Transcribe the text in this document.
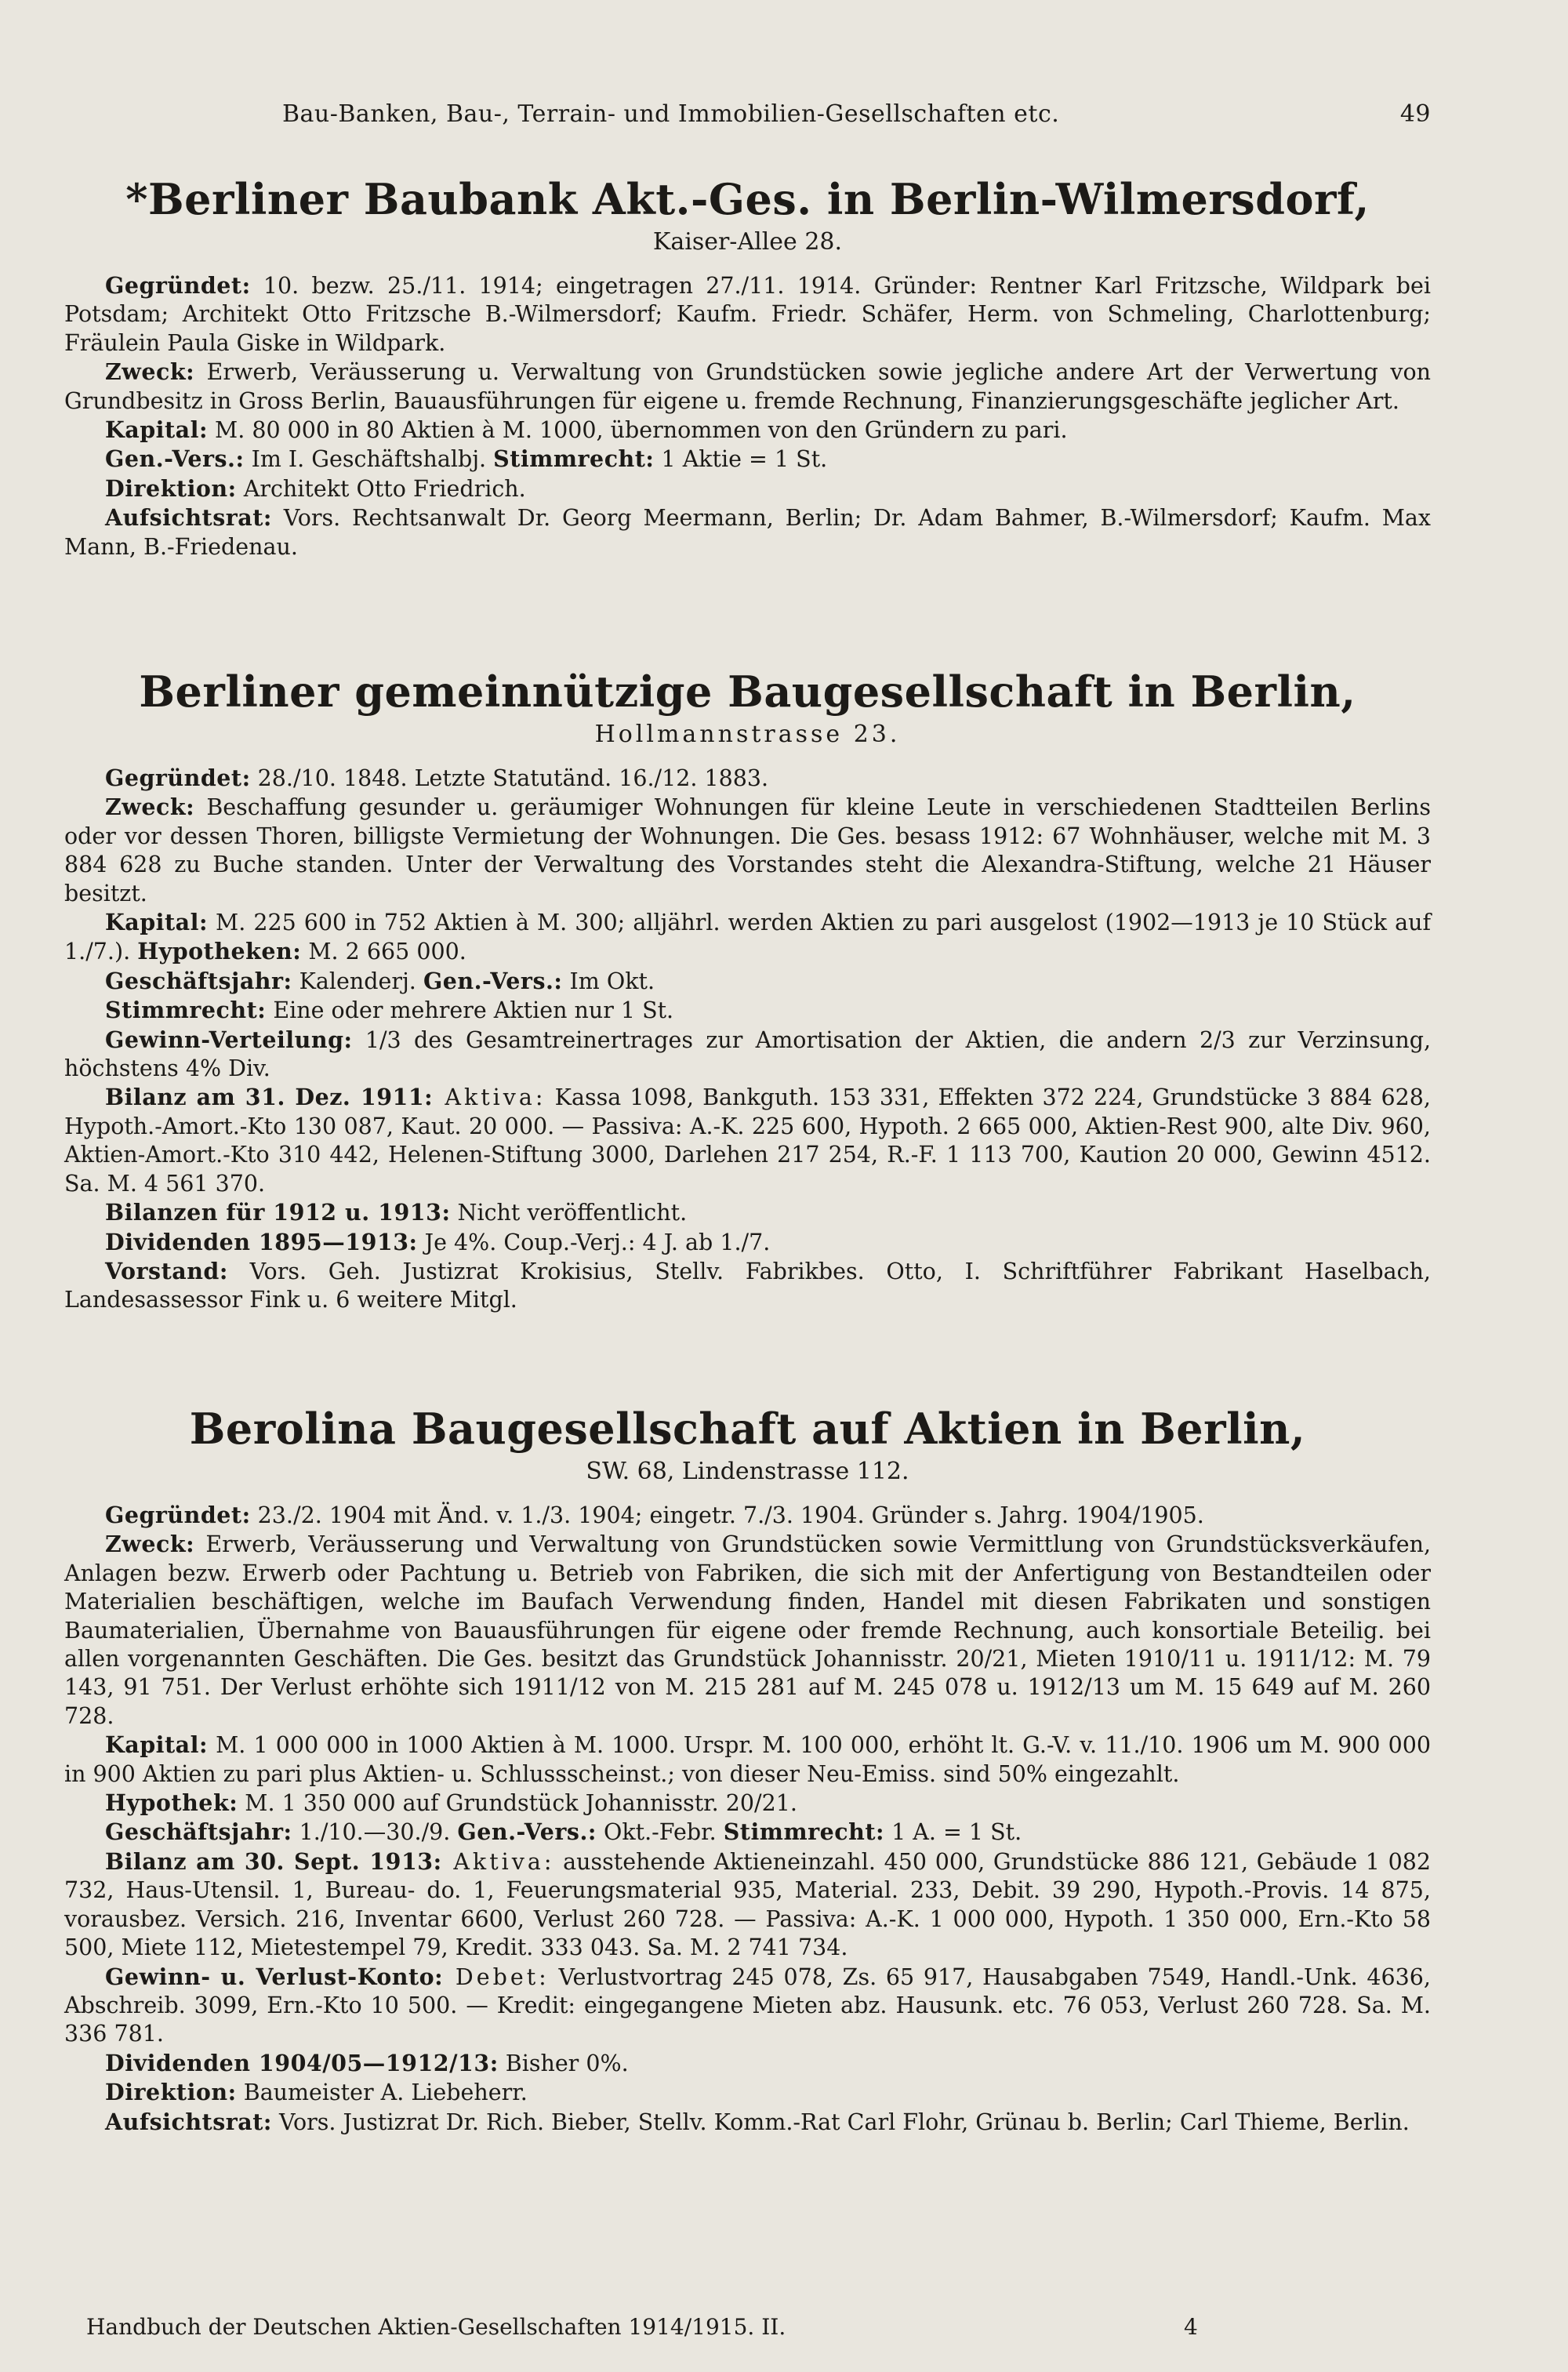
Bau-Banken, Bau-, Terrain- und Immobilien-Gesellschaften etc.	49
*Berliner Baubank Akt.-Ges. in Berlin-Wilmersdorf,
Kaiser-Allee 28.

Gegründet: 10. bezw. 25./11. 1914; eingetragen 27./11. 1914. Gründer: Rentner Karl Fritzsche, Wildpark bei Potsdam; Architekt Otto Fritzsche B.-Wilmersdorf; Kaufm. Friedr. Schäfer, Herm. von Schmeling, Charlottenburg; Fräulein Paula Giske in Wildpark.

Zweck: Erwerb, Veräusserung u. Verwaltung von Grundstücken sowie jegliche andere Art der Verwertung von Grundbesitz in Gross Berlin, Bauausführungen für eigene u. fremde Rechnung, Finanzierungsgeschäfte jeglicher Art.

Kapital: M. 80 000 in 80 Aktien à M. 1000, übernommen von den Gründern zu pari.

Gen.-Vers.: Im I. Geschäftshalbj. Stimmrecht: 1 Aktie = 1 St.

Direktion: Architekt Otto Friedrich.

Aufsichtsrat: Vors. Rechtsanwalt Dr. Georg Meermann, Berlin; Dr. Adam Bahmer, B.-Wilmersdorf; Kaufm. Max Mann, B.-Friedenau.

Berliner gemeinnützige Baugesellschaft in Berlin,
Hollmannstrasse 23.

Gegründet: 28./10. 1848. Letzte Statutänd. 16./12. 1883.

Zweck: Beschaffung gesunder u. geräumiger Wohnungen für kleine Leute in verschiedenen Stadtteilen Berlins oder vor dessen Thoren, billigste Vermietung der Wohnungen. Die Ges. besass 1912: 67 Wohnhäuser, welche mit M. 3 884 628 zu Buche standen. Unter der Verwaltung des Vorstandes steht die Alexandra-Stiftung, welche 21 Häuser besitzt.

Kapital: M. 225 600 in 752 Aktien à M. 300; alljährl. werden Aktien zu pari ausgelost (1902—1913 je 10 Stück auf 1./7.). Hypotheken: M. 2 665 000.

Geschäftsjahr: Kalenderj. Gen.-Vers.: Im Okt.

Stimmrecht: Eine oder mehrere Aktien nur 1 St.

Gewinn-Verteilung: 1/3 des Gesamtreinertrages zur Amortisation der Aktien, die andern 2/3 zur Verzinsung, höchstens 4% Div.

Bilanz am 31. Dez. 1911: Aktiva: Kassa 1098, Bankguth. 153 331, Effekten 372 224, Grundstücke 3 884 628, Hypoth.-Amort.-Kto 130 087, Kaut. 20 000. — Passiva: A.-K. 225 600, Hypoth. 2 665 000, Aktien-Rest 900, alte Div. 960, Aktien-Amort.-Kto 310 442, Helenen-Stiftung 3000, Darlehen 217 254, R.-F. 1 113 700, Kaution 20 000, Gewinn 4512. Sa. M. 4 561 370.

Bilanzen für 1912 u. 1913: Nicht veröffentlicht.

Dividenden 1895—1913: Je 4%. Coup.-Verj.: 4 J. ab 1./7.

Vorstand: Vors. Geh. Justizrat Krokisius, Stellv. Fabrikbes. Otto, I. Schriftführer Fabrikant Haselbach, Landesassessor Fink u. 6 weitere Mitgl.

Berolina Baugesellschaft auf Aktien in Berlin,
SW. 68, Lindenstrasse 112.

Gegründet: 23./2. 1904 mit Änd. v. 1./3. 1904; eingetr. 7./3. 1904. Gründer s. Jahrg. 1904/1905.

Zweck: Erwerb, Veräusserung und Verwaltung von Grundstücken sowie Vermittlung von Grundstücksverkäufen, Anlagen bezw. Erwerb oder Pachtung u. Betrieb von Fabriken, die sich mit der Anfertigung von Bestandteilen oder Materialien beschäftigen, welche im Baufach Verwendung finden, Handel mit diesen Fabrikaten und sonstigen Baumaterialien, Übernahme von Bauausführungen für eigene oder fremde Rechnung, auch konsortiale Beteilig. bei allen vorgenannten Geschäften. Die Ges. besitzt das Grundstück Johannisstr. 20/21, Mieten 1910/11 u. 1911/12: M. 79 143, 91 751. Der Verlust erhöhte sich 1911/12 von M. 215 281 auf M. 245 078 u. 1912/13 um M. 15 649 auf M. 260 728.

Kapital: M. 1 000 000 in 1000 Aktien à M. 1000. Urspr. M. 100 000, erhöht lt. G.-V. v. 11./10. 1906 um M. 900 000 in 900 Aktien zu pari plus Aktien- u. Schlussscheinst.; von dieser Neu-Emiss. sind 50% eingezahlt.

Hypothek: M. 1 350 000 auf Grundstück Johannisstr. 20/21.

Geschäftsjahr: 1./10.—30./9. Gen.-Vers.: Okt.-Febr. Stimmrecht: 1 A. = 1 St.

Bilanz am 30. Sept. 1913: Aktiva: ausstehende Aktieneinzahl. 450 000, Grundstücke 886 121, Gebäude 1 082 732, Haus-Utensil. 1, Bureau- do. 1, Feuerungsmaterial 935, Material. 233, Debit. 39 290, Hypoth.-Provis. 14 875, vorausbez. Versich. 216, Inventar 6600, Verlust 260 728. — Passiva: A.-K. 1 000 000, Hypoth. 1 350 000, Ern.-Kto 58 500, Miete 112, Mietestempel 79, Kredit. 333 043. Sa. M. 2 741 734.

Gewinn- u. Verlust-Konto: Debet: Verlustvortrag 245 078, Zs. 65 917, Hausabgaben 7549, Handl.-Unk. 4636, Abschreib. 3099, Ern.-Kto 10 500. — Kredit: eingegangene Mieten abz. Hausunk. etc. 76 053, Verlust 260 728. Sa. M. 336 781.

Dividenden 1904/05—1912/13: Bisher 0%.

Direktion: Baumeister A. Liebeherr.

Aufsichtsrat: Vors. Justizrat Dr. Rich. Bieber, Stellv. Komm.-Rat Carl Flohr, Grünau b. Berlin; Carl Thieme, Berlin.

Handbuch der Deutschen Aktien-Gesellschaften 1914/1915. II.	4
